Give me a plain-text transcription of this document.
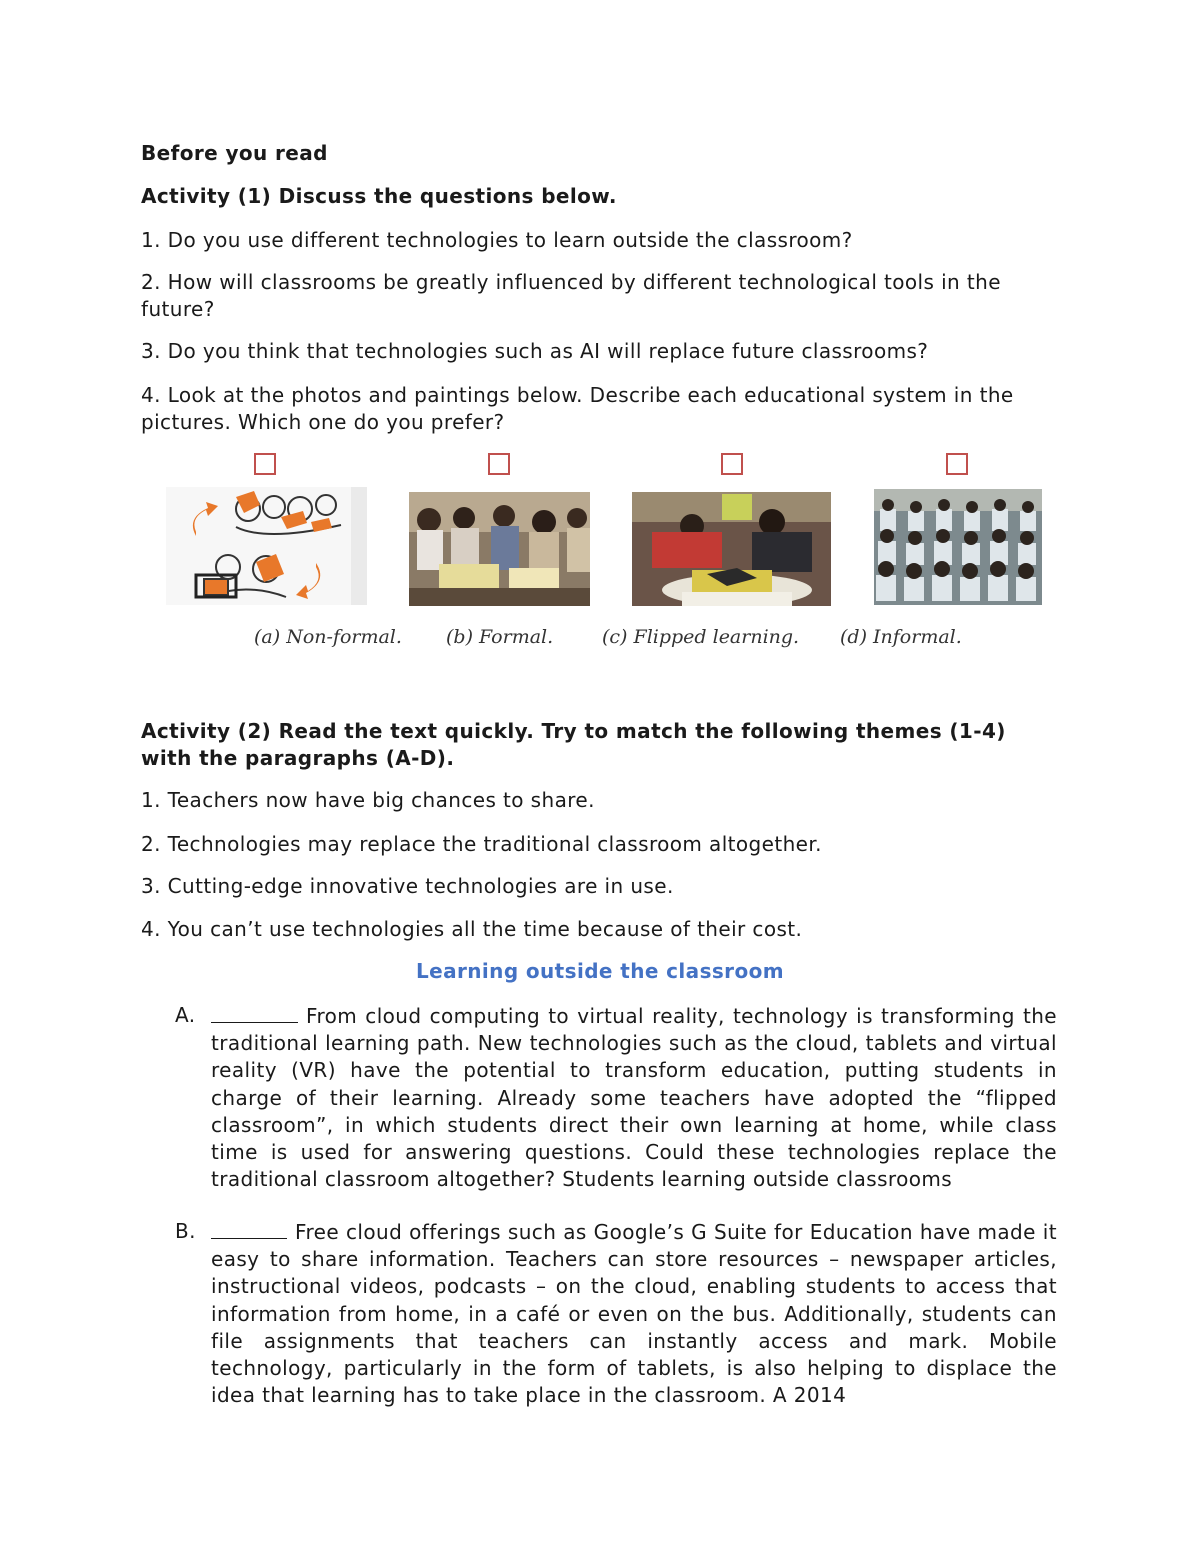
Before you read

Activity (1) Discuss the questions below.

1. Do you use different technologies to learn outside the classroom?

2. How will classrooms be greatly influenced by different technological tools in the future?

3. Do you think that technologies such as AI will replace future classrooms?

4. Look at the photos and paintings below. Describe each educational system in the pictures. Which one do you prefer?

(a) Non-formal. (b) Formal.	(c) Flipped learning. (d) Informal.

Activity (2) Read the text quickly. Try to match the following themes (1-4) with the paragraphs (A-D).

1. Teachers now have big chances to share.

2. Technologies may replace the traditional classroom altogether.

3. Cutting-edge innovative technologies are in use.

4. You can’t use technologies all the time because of their cost.

Learning outside the classroom
A.	From cloud computing to virtual reality, technology is transforming the traditional learning path. New technologies such as the cloud, tablets and virtual reality (VR) have the potential to transform education, putting students in charge of their learning. Already some teachers have adopted the “flipped classroom”, in which students direct their own learning at home, while class time is used for answering questions. Could these technologies replace the traditional classroom altogether? Students learning outside classrooms
B.	Free cloud offerings such as Google’s G Suite for Education have made it easy to share information. Teachers can store resources – newspaper articles, instructional videos, podcasts – on the cloud, enabling students to access that information from home, in a café or even on the bus. Additionally, students can file assignments that teachers can instantly access and mark. Mobile technology, particularly in the form of tablets, is also helping to displace the idea that learning has to take place in the classroom. A 2014
